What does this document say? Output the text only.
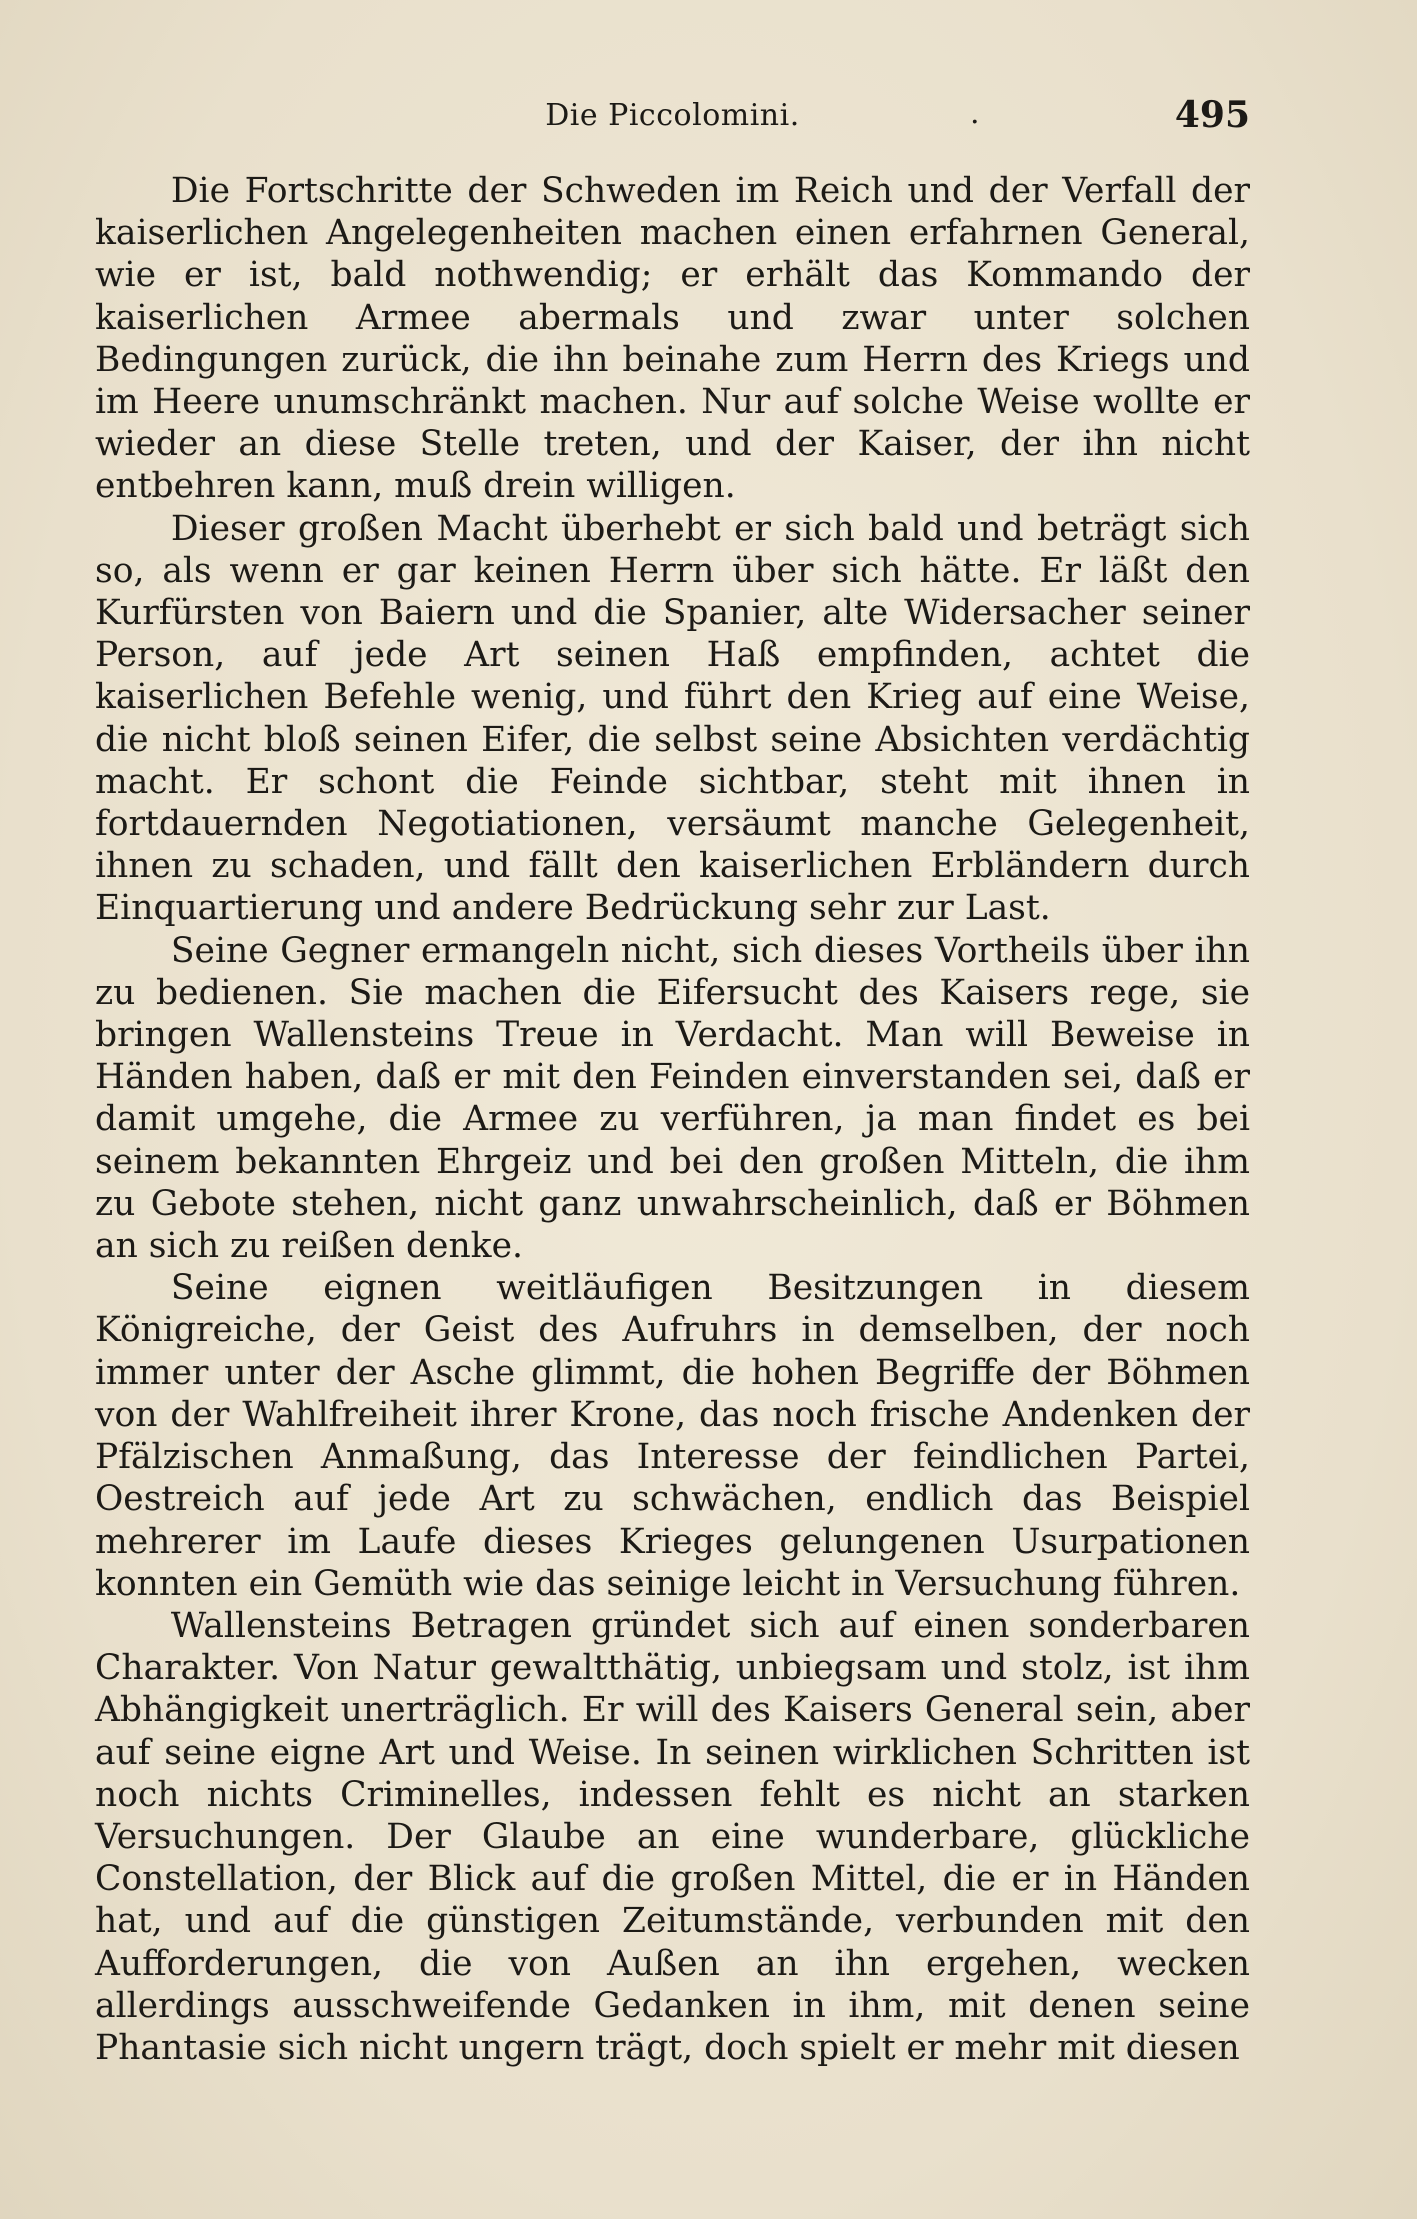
Die Piccolomini.	.	495

Die Fortschritte der Schweden im Reich und der Verfall der kaiserlichen Angelegenheiten machen einen erfahrnen General, wie er ist, bald nothwendig; er erhält das Kommando der kaiserlichen Armee abermals und zwar unter solchen Bedingungen zurück, die ihn beinahe zum Herrn des Kriegs und im Heere unumschränkt machen. Nur auf solche Weise wollte er wieder an diese Stelle treten, und der Kaiser, der ihn nicht entbehren kann, muß drein willigen.

Dieser großen Macht überhebt er sich bald und beträgt sich so, als wenn er gar keinen Herrn über sich hätte. Er läßt den Kurfürsten von Baiern und die Spanier, alte Widersacher seiner Person, auf jede Art seinen Haß empfinden, achtet die kaiserlichen Befehle wenig, und führt den Krieg auf eine Weise, die nicht bloß seinen Eifer, die selbst seine Absichten verdächtig macht. Er schont die Feinde sichtbar, steht mit ihnen in fortdauernden Negotiationen, versäumt manche Gelegenheit, ihnen zu schaden, und fällt den kaiserlichen Erbländern durch Einquartierung und andere Bedrückung sehr zur Last.

Seine Gegner ermangeln nicht, sich dieses Vortheils über ihn zu bedienen. Sie machen die Eifersucht des Kaisers rege, sie bringen Wallensteins Treue in Verdacht. Man will Beweise in Händen haben, daß er mit den Feinden einverstanden sei, daß er damit umgehe, die Armee zu verführen, ja man findet es bei seinem bekannten Ehrgeiz und bei den großen Mitteln, die ihm zu Gebote stehen, nicht ganz unwahrscheinlich, daß er Böhmen an sich zu reißen denke.

Seine eignen weitläufigen Besitzungen in diesem Königreiche, der Geist des Aufruhrs in demselben, der noch immer unter der Asche glimmt, die hohen Begriffe der Böhmen von der Wahlfreiheit ihrer Krone, das noch frische Andenken der Pfälzischen Anmaßung, das Interesse der feindlichen Partei, Oestreich auf jede Art zu schwächen, endlich das Beispiel mehrerer im Laufe dieses Krieges gelungenen Usurpationen konnten ein Gemüth wie das seinige leicht in Versuchung führen.

Wallensteins Betragen gründet sich auf einen sonderbaren Charakter. Von Natur gewaltthätig, unbiegsam und stolz, ist ihm Abhängigkeit unerträglich. Er will des Kaisers General sein, aber auf seine eigne Art und Weise. In seinen wirklichen Schritten ist noch nichts Criminelles, indessen fehlt es nicht an starken Versuchungen. Der Glaube an eine wunderbare, glückliche Constellation, der Blick auf die großen Mittel, die er in Händen hat, und auf die günstigen Zeitumstände, verbunden mit den Aufforderungen, die von Außen an ihn ergehen, wecken allerdings ausschweifende Gedanken in ihm, mit denen seine Phantasie sich nicht ungern trägt, doch spielt er mehr mit diesen
